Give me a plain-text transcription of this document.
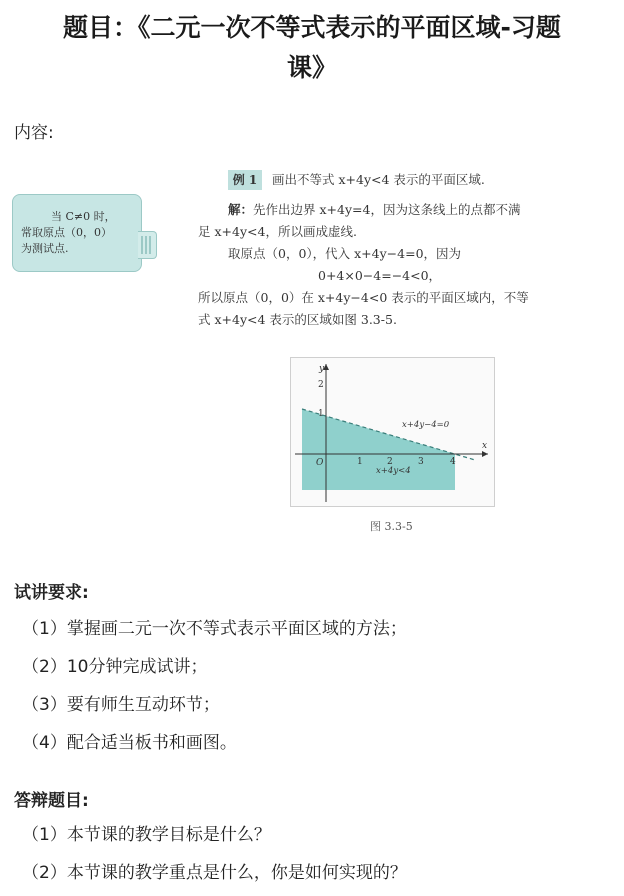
题目：《二元一次不等式表示的平面区域-习题
课》
内容:
当 C≠0 时，
常取原点（0，0）
为测试点.
例 1	画出不等式 x+4y<4 表示的平面区域.
解：先作出边界 x+4y=4，因为这条线上的点都不满
足 x+4y<4，所以画成虚线.
取原点（0，0），代入 x+4y−4=0，因为
0+4×0−4=−4<0，
所以原点（0，0）在 x+4y−4<0 表示的平面区域内，不等
式 x+4y<4 表示的区域如图 3.3-5.
x
y
O	1	2	3	4
1
2
x+4y−4=0
x+4y<4
图 3.3-5
试讲要求:
（1）掌握画二元一次不等式表示平面区域的方法；
（2）10分钟完成试讲；
（3）要有师生互动环节；
（4）配合适当板书和画图。
答辩题目:
（1）本节课的教学目标是什么？
（2）本节课的教学重点是什么，你是如何实现的？
